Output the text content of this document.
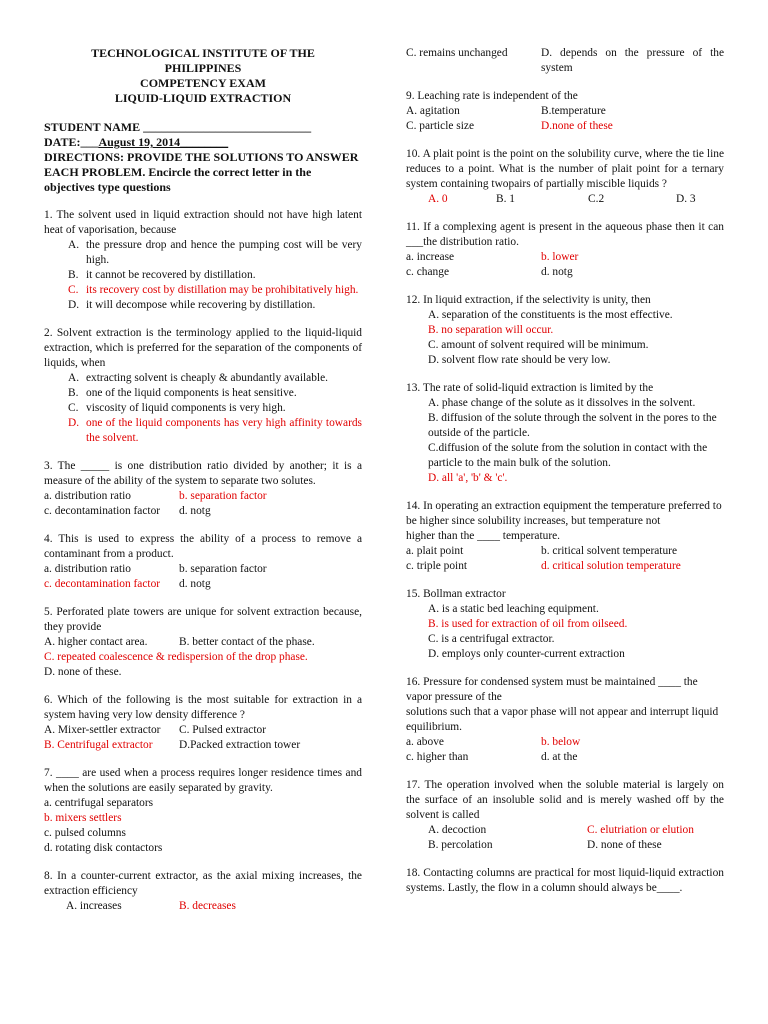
TECHNOLOGICAL INSTITUTE OF THE
PHILIPPINES
COMPETENCY EXAM
LIQUID-LIQUID EXTRACTION
STUDENT NAME ____________________________
DATE:___August 19, 2014________
DIRECTIONS: PROVIDE THE SOLUTIONS TO ANSWER EACH PROBLEM. Encircle the correct letter in the objectives type questions
1. The solvent used in liquid extraction should not have high latent heat of vaporisation, because
A. the pressure drop and hence the pumping cost will be very high.
B. it cannot be recovered by distillation.
C. its recovery cost by distillation may be prohibitatively high.
D. it will decompose while recovering by distillation.
2. Solvent extraction is the terminology applied to the liquid-liquid extraction, which is preferred for the separation of the components of liquids, when
A. extracting solvent is cheaply & abundantly available.
B. one of the liquid components is heat sensitive.
C. viscosity of liquid components is very high.
D. one of the liquid components has very high affinity towards the solvent.
3. The _____ is one distribution ratio divided by another; it is a measure of the ability of the system to separate two solutes.
a. distribution ratio	b. separation factor
c. decontamination factor	d. notg
4. This is used to express the ability of a process to remove a contaminant from a product.
a. distribution ratio	b. separation factor
c. decontamination factor	d. notg
5. Perforated plate towers are unique for solvent extraction because, they provide
A. higher contact area.	B. better contact of the phase.
C. repeated coalescence & redispersion of the drop phase.
D. none of these.
6. Which of the following is the most suitable for extraction in a system having very low density difference ?
A. Mixer-settler extractor	C. Pulsed extractor
B. Centrifugal extractor	D.Packed extraction tower
7. ____ are used when a process requires longer residence times and when the solutions are easily separated by gravity.
a. centrifugal separators
b. mixers settlers
c. pulsed columns
d. rotating disk contactors
8. In a counter-current extractor, as the axial mixing increases, the extraction efficiency
A. increases	B. decreases
C. remains unchanged	D. depends on the pressure of the system
9. Leaching rate is independent of the
A. agitation	B.temperature
C. particle size	D.none of these
10. A plait point is the point on the solubility curve, where the tie line reduces to a point. What is the number of plait point for a ternary system containing twopairs of partially miscible liquids ?
A. 0	B. 1	C.2	D. 3
11. If a complexing agent is present in the aqueous phase then it can ___the distribution ratio.
a. increase	b. lower
c. change	d. notg
12. In liquid extraction, if the selectivity is unity, then
A. separation of the constituents is the most effective.
B. no separation will occur.
C. amount of solvent required will be minimum.
D. solvent flow rate should be very low.
13. The rate of solid-liquid extraction is limited by the
A. phase change of the solute as it dissolves in the solvent.
B. diffusion of the solute through the solvent in the pores to the outside of the particle.
C.diffusion of the solute from the solution in contact with the particle to the main bulk of the solution.
D. all 'a', 'b' & 'c'.
14. In operating an extraction equipment the temperature preferred to be higher since solubility increases, but temperature not
higher than the ____ temperature.
a. plait point	b. critical solvent temperature
c. triple point	d. critical solution temperature
15. Bollman extractor
A. is a static bed leaching equipment.
B. is used for extraction of oil from oilseed.
C. is a centrifugal extractor.
D. employs only counter-current extraction
16. Pressure for condensed system must be maintained ____ the vapor pressure of the
solutions such that a vapor phase will not appear and interrupt liquid equilibrium.
a. above	b. below
c. higher than	d. at the
17. The operation involved when the soluble material is largely on the surface of an insoluble solid and is merely washed off by the solvent is called
A. decoction	C. elutriation or elution
B. percolation	D. none of these
18. Contacting columns are practical for most liquid-liquid extraction systems. Lastly, the flow in a column should always be____.
